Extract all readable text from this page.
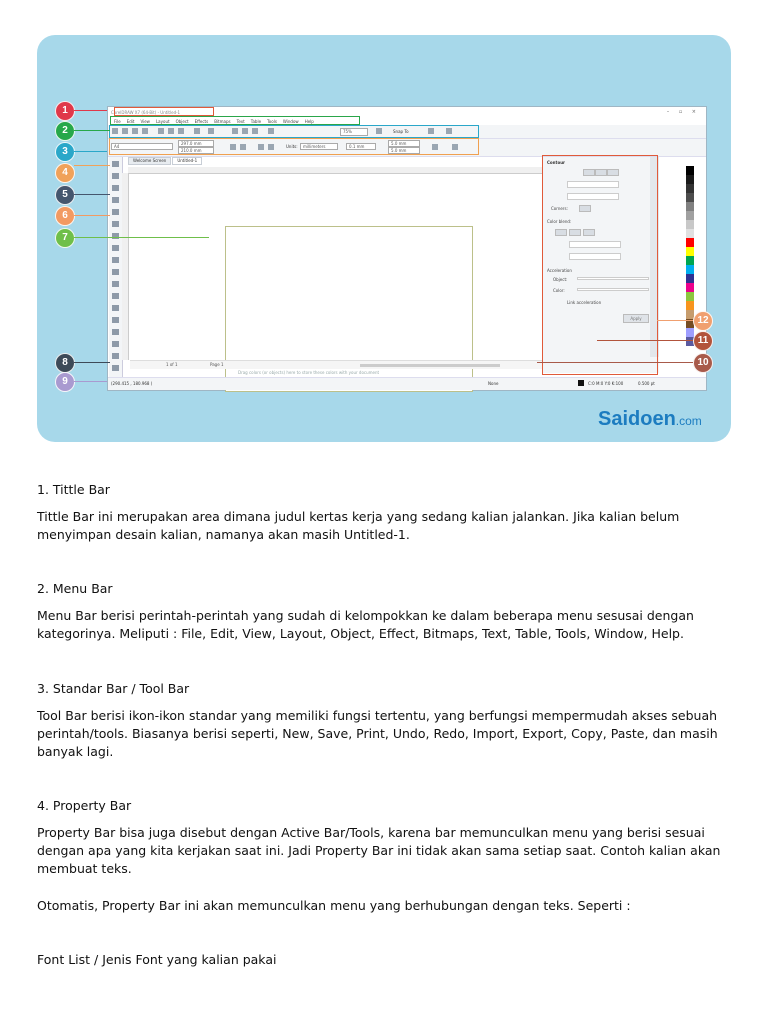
CorelDRAW X7 (64-Bit) - Untitled-1	– ▫ ×
File Edit View Layout Object Effects Bitmaps Text Table Tools Window Help
75%	Snap To
A4
297.0 mm
210.0 mm
Units: millimeters	0.1 mm
5.0 mm
5.0 mm
Welcome Screen	Untitled-1
1 of 1	Page 1
Drag colors (or objects) here to store these colors with your document
Contour
Corners:
Color blend:
Acceleration
Object:
Color:
Link acceleration
Apply
(290.415 , 180.968 )	None	C:0 M:0 Y:0 K:100	0.500 pt
1
2
3
4
5
6
7
8
9
10
11
12
Saidoen.com

1. Tittle Bar

Tittle Bar ini merupakan area dimana judul kertas kerja yang sedang kalian jalankan. Jika kalian belum menyimpan desain kalian, namanya akan masih Untitled-1.

2. Menu Bar

Menu Bar berisi perintah-perintah yang sudah di kelompokkan ke dalam beberapa menu sesusai dengan kategorinya. Meliputi : File, Edit, View, Layout, Object, Effect, Bitmaps, Text, Table, Tools, Window, Help.

3. Standar Bar / Tool Bar

Tool Bar berisi ikon-ikon standar yang memiliki fungsi tertentu, yang berfungsi mempermudah akses sebuah perintah/tools. Biasanya berisi seperti, New, Save, Print, Undo, Redo, Import, Export, Copy, Paste, dan masih banyak lagi.

4. Property Bar

Property Bar bisa juga disebut dengan Active Bar/Tools, karena bar memunculkan menu yang berisi sesuai dengan apa yang kita kerjakan saat ini. Jadi Property Bar ini tidak akan sama setiap saat. Contoh kalian akan membuat teks.

Otomatis, Property Bar ini akan memunculkan menu yang berhubungan dengan teks. Seperti :

Font List / Jenis Font yang kalian pakai
